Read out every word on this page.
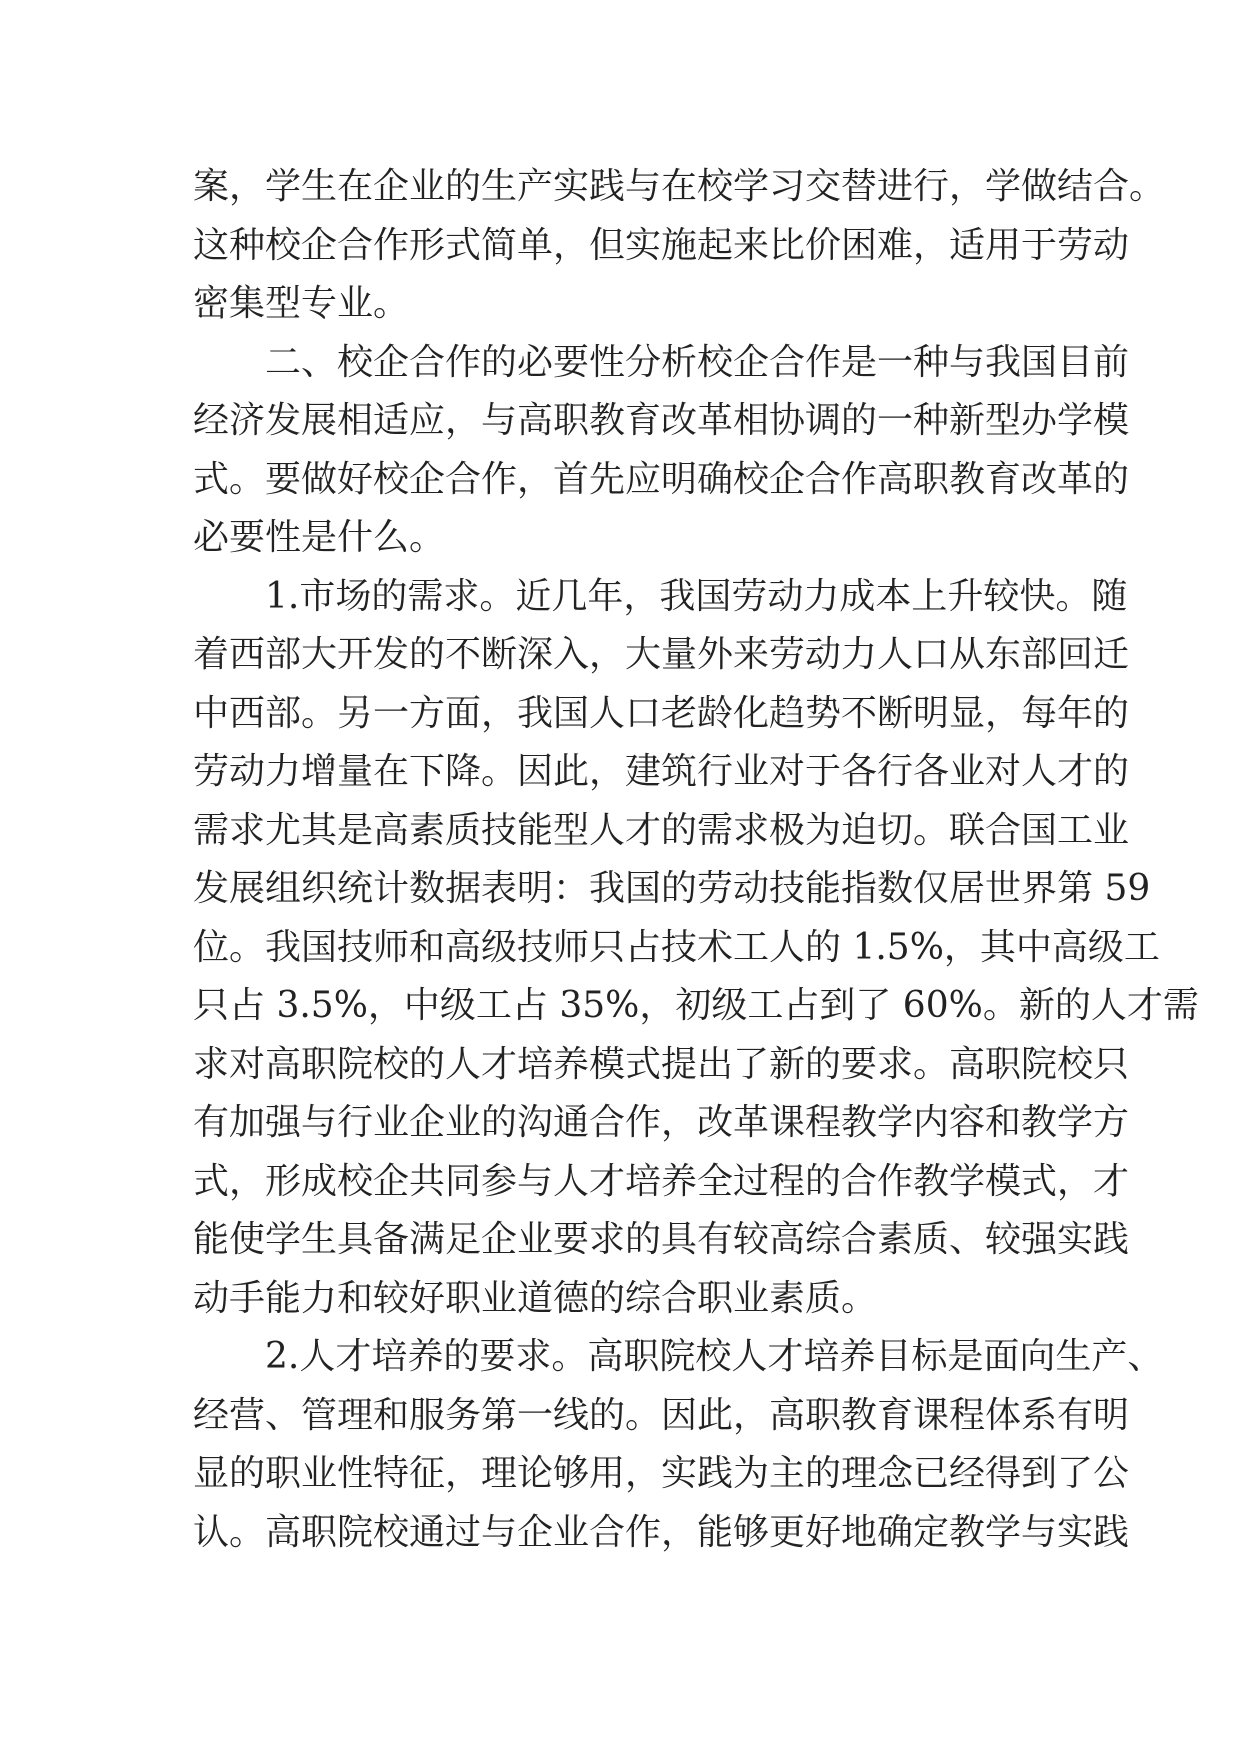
案，学生在企业的生产实践与在校学习交替进行，学做结合。
这种校企合作形式简单，但实施起来比价困难，适用于劳动
密集型专业。
二、校企合作的必要性分析校企合作是一种与我国目前
经济发展相适应，与高职教育改革相协调的一种新型办学模
式。要做好校企合作，首先应明确校企合作高职教育改革的
必要性是什么。
1.市场的需求。近几年，我国劳动力成本上升较快。随
着西部大开发的不断深入，大量外来劳动力人口从东部回迁
中西部。另一方面，我国人口老龄化趋势不断明显，每年的
劳动力增量在下降。因此，建筑行业对于各行各业对人才的
需求尤其是高素质技能型人才的需求极为迫切。联合国工业
发展组织统计数据表明：我国的劳动技能指数仅居世界第 59
位。我国技师和高级技师只占技术工人的 1.5%，其中高级工
只占 3.5%，中级工占 35%，初级工占到了 60%。新的人才需
求对高职院校的人才培养模式提出了新的要求。高职院校只
有加强与行业企业的沟通合作，改革课程教学内容和教学方
式，形成校企共同参与人才培养全过程的合作教学模式，才
能使学生具备满足企业要求的具有较高综合素质、较强实践
动手能力和较好职业道德的综合职业素质。
2.人才培养的要求。高职院校人才培养目标是面向生产、
经营、管理和服务第一线的。因此，高职教育课程体系有明
显的职业性特征，理论够用，实践为主的理念已经得到了公
认。高职院校通过与企业合作，能够更好地确定教学与实践
